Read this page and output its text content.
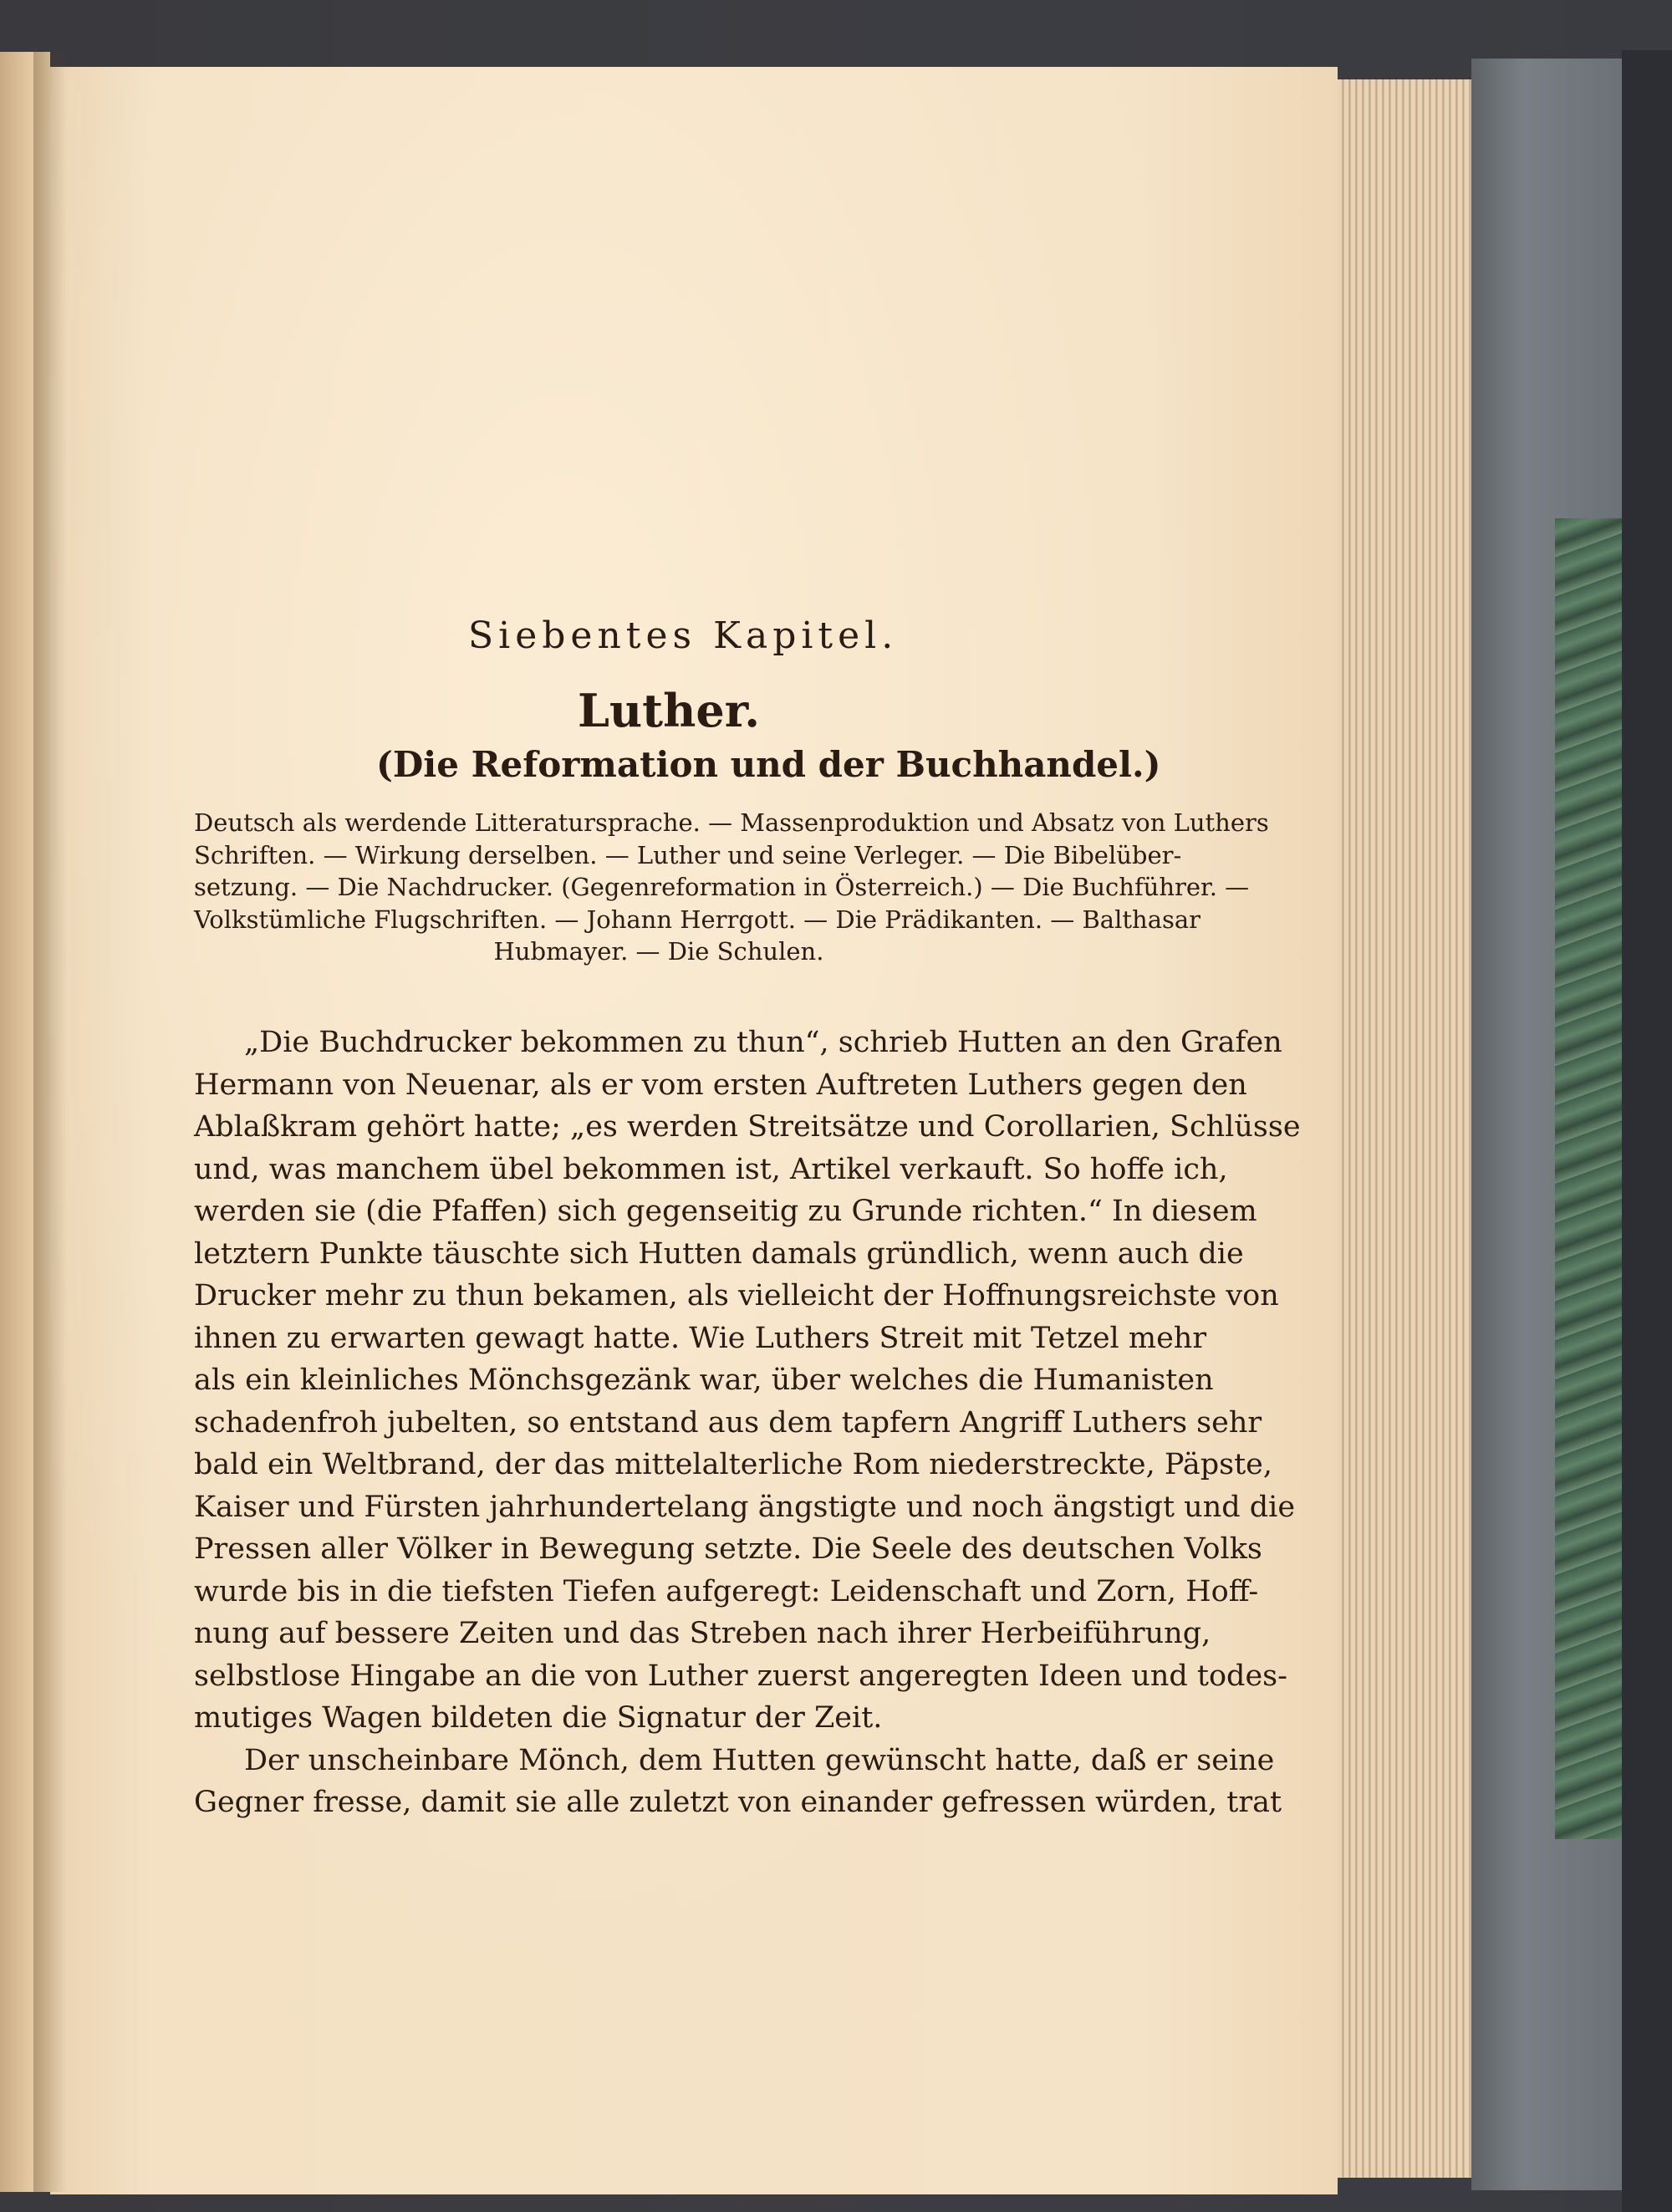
Siebentes Kapitel.
Luther.
(Die Reformation und der Buchhandel.)
Deutsch als werdende Litteratursprache. — Massenproduktion und Absatz von Luthers
Schriften. — Wirkung derselben. — Luther und seine Verleger. — Die Bibelüber-
setzung. — Die Nachdrucker. (Gegenreformation in Österreich.) — Die Buchführer. —
Volkstümliche Flugschriften. — Johann Herrgott. — Die Prädikanten. — Balthasar
Hubmayer. — Die Schulen.
„Die Buchdrucker bekommen zu thun“, schrieb Hutten an den Grafen
Hermann von Neuenar, als er vom ersten Auftreten Luthers gegen den
Ablaßkram gehört hatte; „es werden Streitsätze und Corollarien, Schlüsse
und, was manchem übel bekommen ist, Artikel verkauft. So hoffe ich,
werden sie (die Pfaffen) sich gegenseitig zu Grunde richten.“ In diesem
letztern Punkte täuschte sich Hutten damals gründlich, wenn auch die
Drucker mehr zu thun bekamen, als vielleicht der Hoffnungsreichste von
ihnen zu erwarten gewagt hatte. Wie Luthers Streit mit Tetzel mehr
als ein kleinliches Mönchsgezänk war, über welches die Humanisten
schadenfroh jubelten, so entstand aus dem tapfern Angriff Luthers sehr
bald ein Weltbrand, der das mittelalterliche Rom niederstreckte, Päpste,
Kaiser und Fürsten jahrhundertelang ängstigte und noch ängstigt und die
Pressen aller Völker in Bewegung setzte. Die Seele des deutschen Volks
wurde bis in die tiefsten Tiefen aufgeregt: Leidenschaft und Zorn, Hoff-
nung auf bessere Zeiten und das Streben nach ihrer Herbeiführung,
selbstlose Hingabe an die von Luther zuerst angeregten Ideen und todes-
mutiges Wagen bildeten die Signatur der Zeit.
Der unscheinbare Mönch, dem Hutten gewünscht hatte, daß er seine
Gegner fresse, damit sie alle zuletzt von einander gefressen würden, trat
